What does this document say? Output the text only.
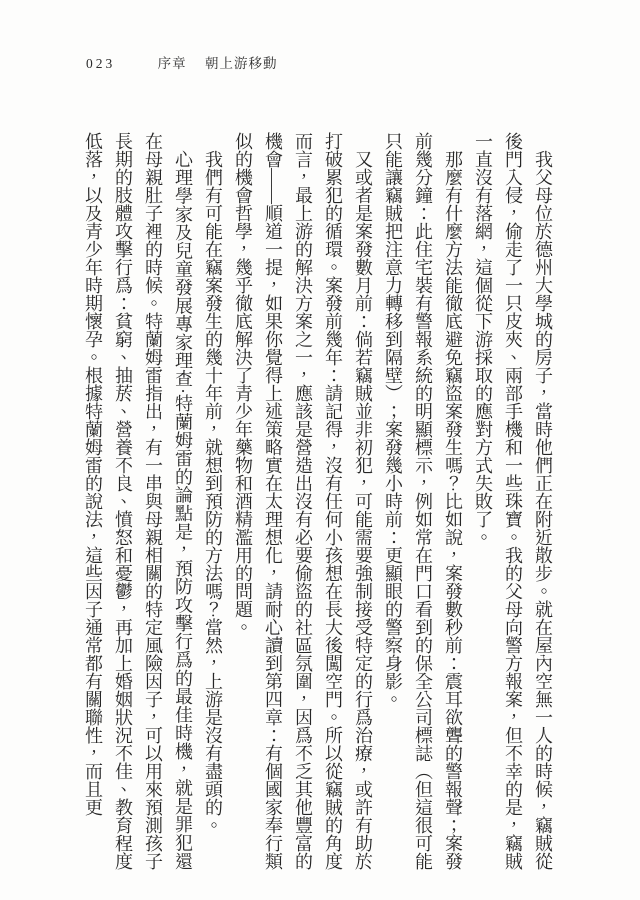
023	序章 朝上游移動

我父母位於德州大學城的房子，當時他們正在附近散步。就在屋內空無一人的時候，竊賊從後門入侵，偷走了一只皮夾、兩部手機和一些珠寶。我的父母向警方報案，但不幸的是，竊賊一直沒有落網，這個從下游採取的應對方式失敗了。

那麼有什麼方法能徹底避免竊盜案發生嗎？比如說，案發數秒前：震耳欲聾的警報聲；案發前幾分鐘：此住宅裝有警報系統的明顯標示，例如常在門口看到的保全公司標誌（但這很可能只能讓竊賊把注意力轉移到隔壁）；案發幾小時前：更顯眼的警察身影。

又或者是案發數月前：倘若竊賊並非初犯，可能需要強制接受特定的行爲治療，或許有助於打破累犯的循環。案發前幾年：請記得，沒有任何小孩想在長大後闖空門。所以從竊賊的角度而言，最上游的解決方案之一，應該是營造出沒有必要偷盜的社區氛圍，因爲不乏其他豐富的機會——順道一提，如果你覺得上述策略實在太理想化，請耐心讀到第四章：有個國家奉行類似的機會哲學，幾乎徹底解決了青少年藥物和酒精濫用的問題。

我們有可能在竊案發生的幾十年前，就想到預防的方法嗎？當然，上游是沒有盡頭的。

心理學家及兒童發展專家理查·特蘭姆雷的論點是，預防攻擊行爲的最佳時機，就是罪犯還在母親肚子裡的時候。特蘭姆雷指出，有一串與母親相關的特定風險因子，可以用來預測孩子長期的肢體攻擊行爲：貧窮、抽菸、營養不良、憤怒和憂鬱，再加上婚姻狀況不佳、教育程度低落，以及青少年時期懷孕。根據特蘭姆雷的說法，這些因子通常都有關聯性，而且更
